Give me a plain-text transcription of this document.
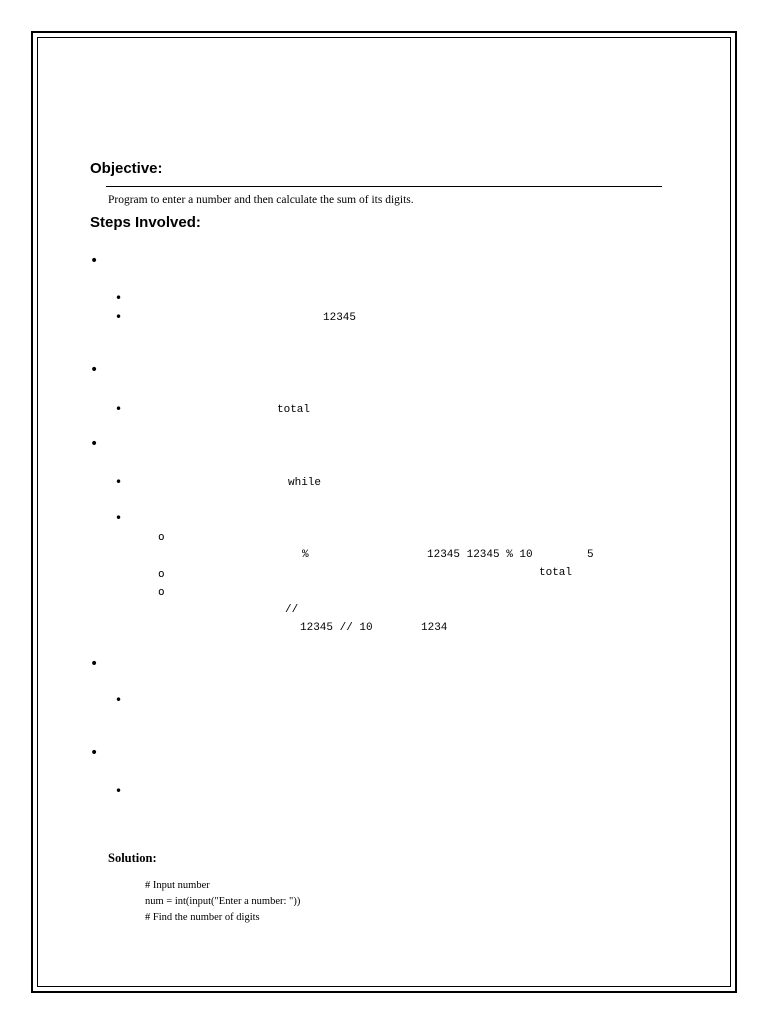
Objective:
Program to enter a number and then calculate the sum of its digits.
Steps Involved:
•
•
•	12345
•
•	total
•
•	while
•
o
%	12345 12345 % 10	5
o	total
o
//
12345 // 10	1234
•
•
•
•
Solution:
# Input number
num = int(input("Enter a number: "))
# Find the number of digits
